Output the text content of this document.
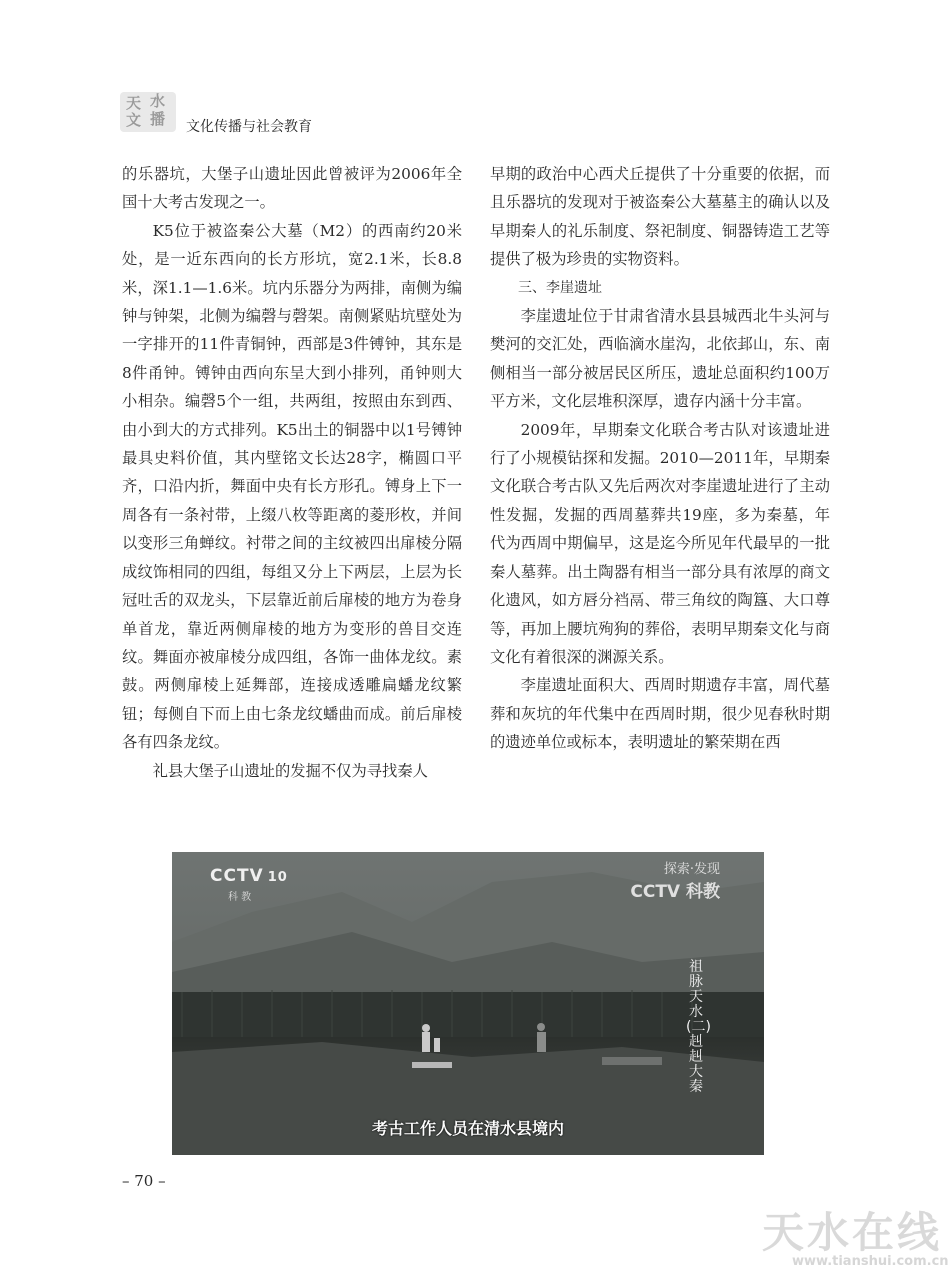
天 水
文 播 文化传播与社会教育

的乐器坑，大堡子山遗址因此曾被评为2006年全国十大考古发现之一。

K5位于被盗秦公大墓（M2）的西南约20米处，是一近东西向的长方形坑，宽2.1米，长8.8米，深1.1—1.6米。坑内乐器分为两排，南侧为编钟与钟架，北侧为编磬与磬架。南侧紧贴坑壁处为一字排开的11件青铜钟，西部是3件镈钟，其东是8件甬钟。镈钟由西向东呈大到小排列，甬钟则大小相杂。编磬5个一组，共两组，按照由东到西、由小到大的方式排列。K5出土的铜器中以1号镈钟最具史料价值，其内壁铭文长达28字，椭圆口平齐，口沿内折，舞面中央有长方形孔。镈身上下一周各有一条衬带，上缀八枚等距离的菱形枚，并间以变形三角蝉纹。衬带之间的主纹被四出扉棱分隔成纹饰相同的四组，每组又分上下两层，上层为长冠吐舌的双龙头，下层靠近前后扉棱的地方为卷身单首龙，靠近两侧扉棱的地方为变形的兽目交连纹。舞面亦被扉棱分成四组，各饰一曲体龙纹。素鼓。两侧扉棱上延舞部，连接成透雕扁蟠龙纹繁钮；每侧自下而上由七条龙纹蟠曲而成。前后扉棱各有四条龙纹。

礼县大堡子山遗址的发掘不仅为寻找秦人

早期的政治中心西犬丘提供了十分重要的依据，而且乐器坑的发现对于被盗秦公大墓墓主的确认以及早期秦人的礼乐制度、祭祀制度、铜器铸造工艺等提供了极为珍贵的实物资料。

三、李崖遗址

李崖遗址位于甘肃省清水县县城西北牛头河与樊河的交汇处，西临滴水崖沟，北依邽山，东、南侧相当一部分被居民区所压，遗址总面积约100万平方米，文化层堆积深厚，遗存内涵十分丰富。

2009年，早期秦文化联合考古队对该遗址进行了小规模钻探和发掘。2010—2011年，早期秦文化联合考古队又先后两次对李崖遗址进行了主动性发掘，发掘的西周墓葬共19座，多为秦墓，年代为西周中期偏早，这是迄今所见年代最早的一批秦人墓葬。出土陶器有相当一部分具有浓厚的商文化遗风，如方唇分裆鬲、带三角纹的陶簋、大口尊等，再加上腰坑殉狗的葬俗，表明早期秦文化与商文化有着很深的渊源关系。

李崖遗址面积大、西周时期遗存丰富，周代墓葬和灰坑的年代集中在西周时期，很少见春秋时期的遗迹单位或标本，表明遗址的繁荣期在西

CCTV 10
科 教
探索·发现
CCTV 科教
祖脉天水(二)赳赳大秦
考古工作人员在清水县境内
– 70 –
天水在线
www.tianshui.com.cn
